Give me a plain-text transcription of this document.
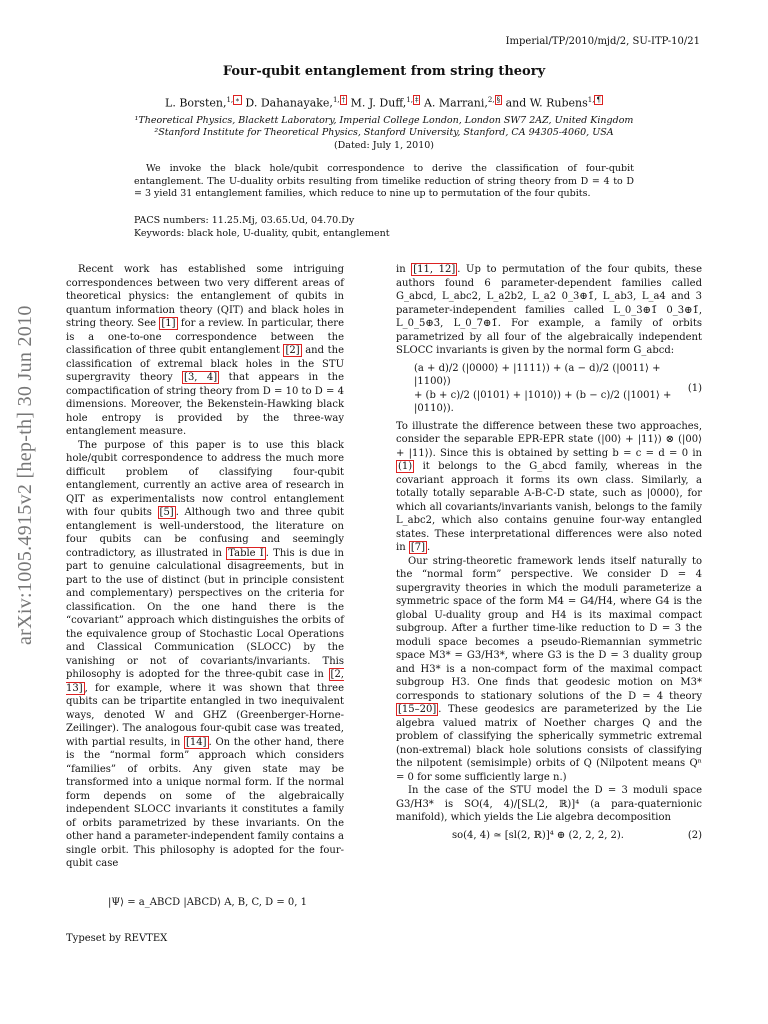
Imperial/TP/2010/mjd/2, SU-ITP-10/21
Four-qubit entanglement from string theory
L. Borsten,$^{1,}$ ∗ D. Dahanayake,$^{1,}$ † M. J. Duff,$^{1,}$ ‡ A. Marrani,$^{2,}$ § and W. Rubens$^{1,}$ ¶
¹Theoretical Physics, Blackett Laboratory, Imperial College London, London SW7 2AZ, United Kingdom
²Stanford Institute for Theoretical Physics, Stanford University, Stanford, CA 94305-4060, USA
(Dated: July 1, 2010)
We invoke the black hole/qubit correspondence to derive the classification of four-qubit entanglement. The U-duality orbits resulting from timelike reduction of string theory from D = 4 to D = 3 yield 31 entanglement families, which reduce to nine up to permutation of the four qubits.
PACS numbers: 11.25.Mj, 03.65.Ud, 04.70.Dy
Keywords: black hole, U-duality, qubit, entanglement
arXiv:1005.4915v2 [hep-th] 30 Jun 2010

Recent work has established some intriguing correspondences between two very different areas of theoretical physics: the entanglement of qubits in quantum information theory (QIT) and black holes in string theory. See [1] for a review. In particular, there is a one-to-one correspondence between the classification of three qubit entanglement [2] and the classification of extremal black holes in the STU supergravity theory [3, 4] that appears in the compactification of string theory from D = 10 to D = 4 dimensions. Moreover, the Bekenstein-Hawking black hole entropy is provided by the three-way entanglement measure.

The purpose of this paper is to use this black hole/qubit correspondence to address the much more difficult problem of classifying four-qubit entanglement, currently an active area of research in QIT as experimentalists now control entanglement with four qubits [5] . Although two and three qubit entanglement is well-understood, the literature on four qubits can be confusing and seemingly contradictory, as illustrated in Table I . This is due in part to genuine calculational disagreements, but in part to the use of distinct (but in principle consistent and complementary) perspectives on the criteria for classification. On the one hand there is the “covariant” approach which distinguishes the orbits of the equivalence group of Stochastic Local Operations and Classical Communication (SLOCC) by the vanishing or not of covariants/invariants. This philosophy is adopted for the three-qubit case in [2, 13] , for example, where it was shown that three qubits can be tripartite entangled in two inequivalent ways, denoted W and GHZ (Greenberger-Horne-Zeilinger). The analogous four-qubit case was treated, with partial results, in [14] . On the other hand, there is the “normal form” approach which considers “families” of orbits. Any given state may be transformed into a unique normal form. If the normal form depends on some of the algebraically independent SLOCC invariants it constitutes a family of orbits parametrized by these invariants. On the other hand a parameter-independent family contains a single orbit. This philosophy is adopted for the four-qubit case

|Ψ⟩ = a_ABCD |ABCD⟩ A, B, C, D = 0, 1

in [11, 12] . Up to permutation of the four qubits, these authors found 6 parameter-dependent families called G_abcd, L_abc2, L_a2b2, L_a2 0_3⊕1̄, L_ab3, L_a4 and 3 parameter-independent families called L_0_3⊕1̄ 0_3⊕1̄, L_0_5⊕3̄, L_0_7⊕1̄. For example, a family of orbits parametrized by all four of the algebraically independent SLOCC invariants is given by the normal form G_abcd:

(a + d)/2 (|0000⟩ + |1111⟩) + (a − d)/2 (|0011⟩ + |1100⟩)
+ (b + c)/2 (|0101⟩ + |1010⟩) + (b − c)/2 (|1001⟩ + |0110⟩).
(1)

To illustrate the difference between these two approaches, consider the separable EPR-EPR state (|00⟩ + |11⟩) ⊗ (|00⟩ + |11⟩). Since this is obtained by setting b = c = d = 0 in (1) it belongs to the G_abcd family, whereas in the covariant approach it forms its own class. Similarly, a totally totally separable A-B-C-D state, such as |0000⟩, for which all covariants/invariants vanish, belongs to the family L_abc2, which also contains genuine four-way entangled states. These interpretational differences were also noted in [7] .

Our string-theoretic framework lends itself naturally to the “normal form” perspective. We consider D = 4 supergravity theories in which the moduli parameterize a symmetric space of the form M4 = G4/H4, where G4 is the global U-duality group and H4 is its maximal compact subgroup. After a further time-like reduction to D = 3 the moduli space becomes a pseudo-Riemannian symmetric space M3* = G3/H3*, where G3 is the D = 3 duality group and H3* is a non-compact form of the maximal compact subgroup H3. One finds that geodesic motion on M3* corresponds to stationary solutions of the D = 4 theory [15–20] . These geodesics are parameterized by the Lie algebra valued matrix of Noether charges Q and the problem of classifying the spherically symmetric extremal (non-extremal) black hole solutions consists of classifying the nilpotent (semisimple) orbits of Q (Nilpotent means Qⁿ = 0 for some sufficiently large n.)

In the case of the STU model the D = 3 moduli space G3/H3* is SO(4, 4)/[SL(2, ℝ)]⁴ (a para-quaternionic manifold), which yields the Lie algebra decomposition

so(4, 4) ≃ [sl(2, ℝ)]⁴ ⊕ (2, 2, 2, 2).	(2)
Typeset by REVTEX
